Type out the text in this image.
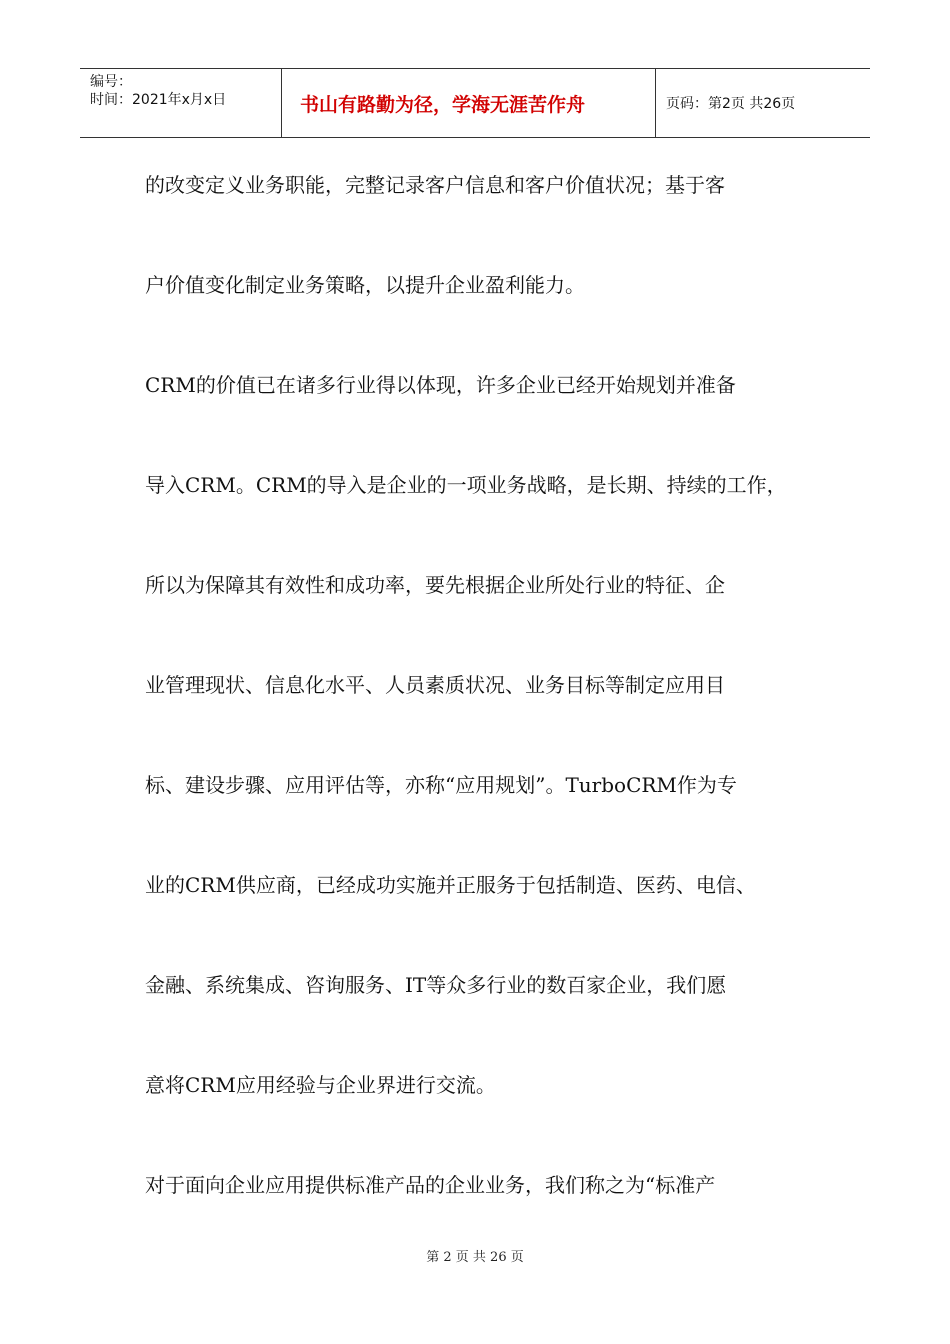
编号：
时间：2021年x月x日	书山有路勤为径，学海无涯苦作舟	页码：第2页 共26页

的改变定义业务职能，完整记录客户信息和客户价值状况；基于客

户价值变化制定业务策略，以提升企业盈利能力。

CRM的价值已在诸多行业得以体现，许多企业已经开始规划并准备

导入CRM。CRM的导入是企业的一项业务战略，是长期、持续的工作，

所以为保障其有效性和成功率，要先根据企业所处行业的特征、企

业管理现状、信息化水平、人员素质状况、业务目标等制定应用目

标、建设步骤、应用评估等，亦称“应用规划”。TurboCRM作为专

业的CRM供应商，已经成功实施并正服务于包括制造、医药、电信、

金融、系统集成、咨询服务、IT等众多行业的数百家企业，我们愿

意将CRM应用经验与企业界进行交流。

对于面向企业应用提供标准产品的企业业务，我们称之为“标准产

第 2 页 共 26 页
